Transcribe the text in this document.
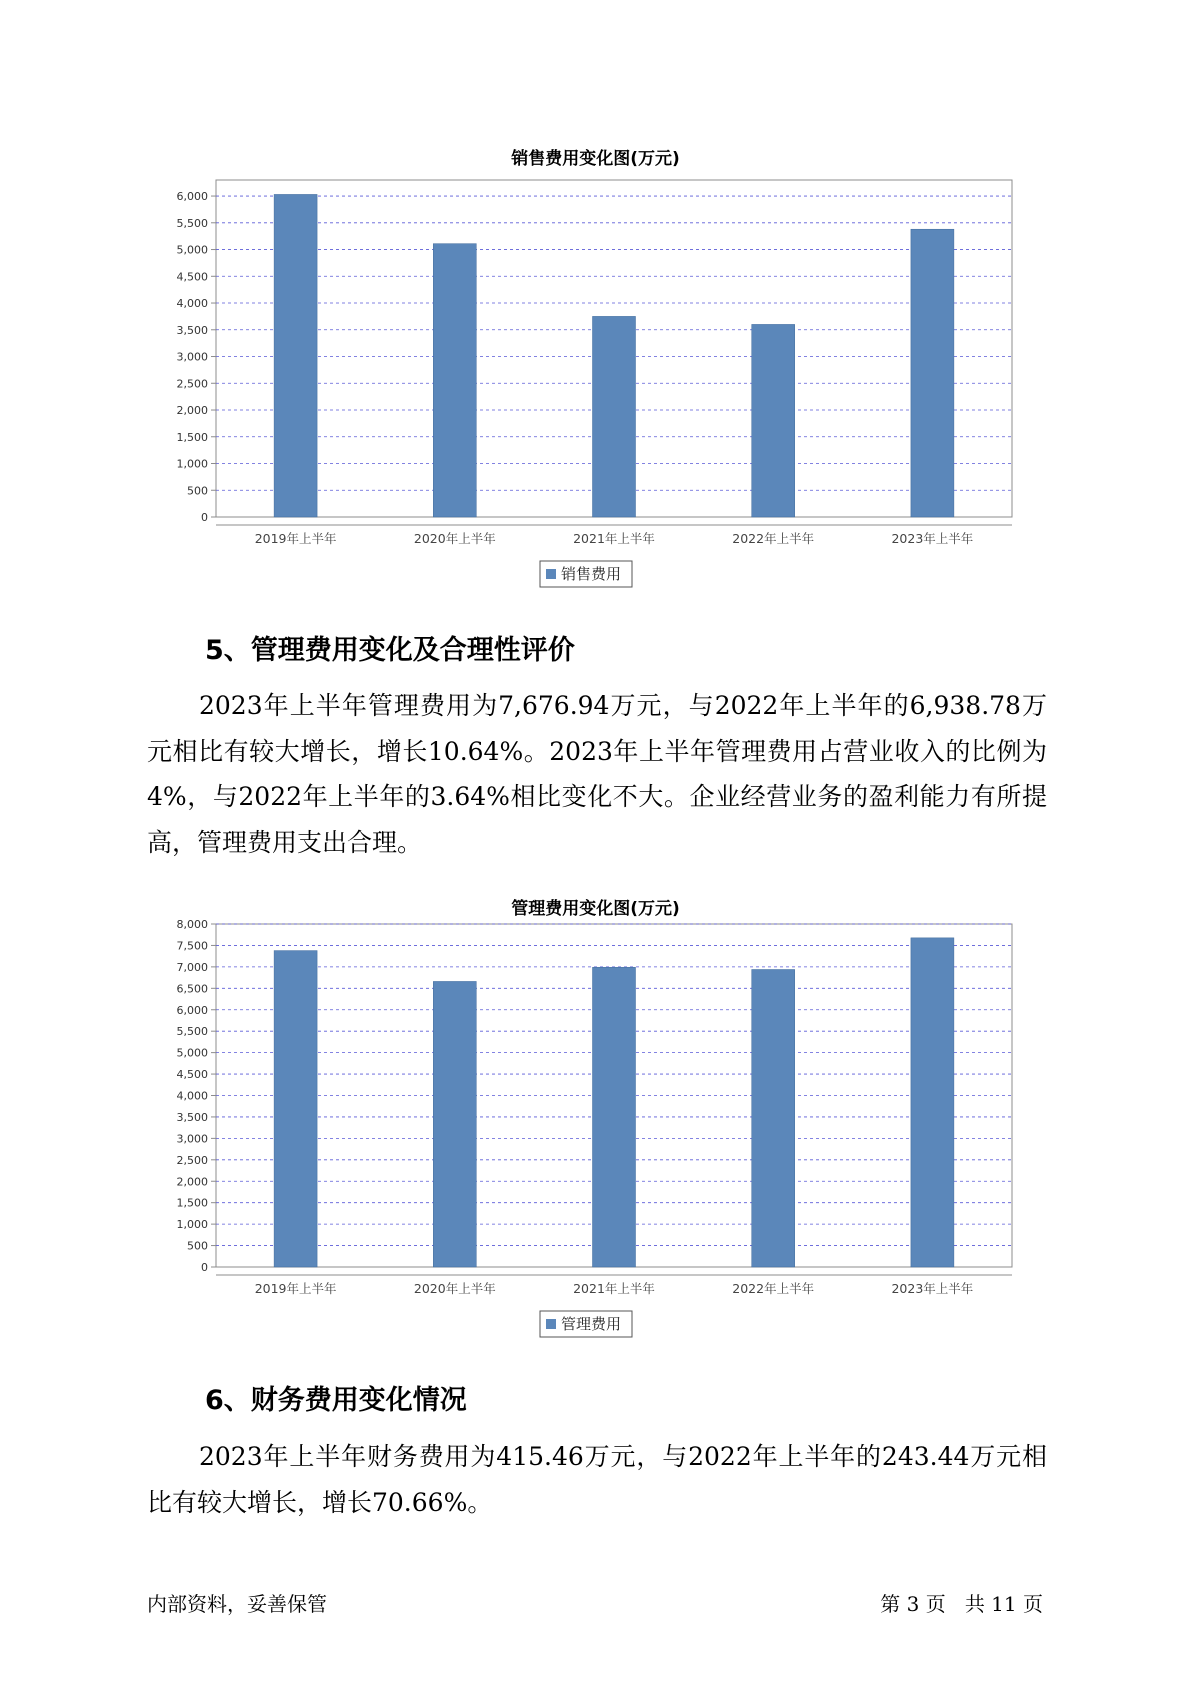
销售费用变化图(万元)
0
500
1,000
1,500
2,000
2,500
3,000
3,500
4,000
4,500
5,000
5,500
6,000
2019年上半年	2020年上半年	2021年上半年	2022年上半年	2023年上半年
销售费用
5、管理费用变化及合理性评价

2023年上半年管理费用为7,676.94万元，与2022年上半年的6,938.78万元相比有较大增长，增长10.64%。2023年上半年管理费用占营业收入的比例为4%，与2022年上半年的3.64%相比变化不大。企业经营业务的盈利能力有所提高，管理费用支出合理。

管理费用变化图(万元)
0
500
1,000
1,500
2,000
2,500
3,000
3,500
4,000
4,500
5,000
5,500
6,000
6,500
7,000
7,500
8,000
2019年上半年	2020年上半年	2021年上半年	2022年上半年	2023年上半年
管理费用
6、财务费用变化情况

2023年上半年财务费用为415.46万元，与2022年上半年的243.44万元相比有较大增长，增长70.66%。

内部资料，妥善保管	第 3 页 共 11 页
